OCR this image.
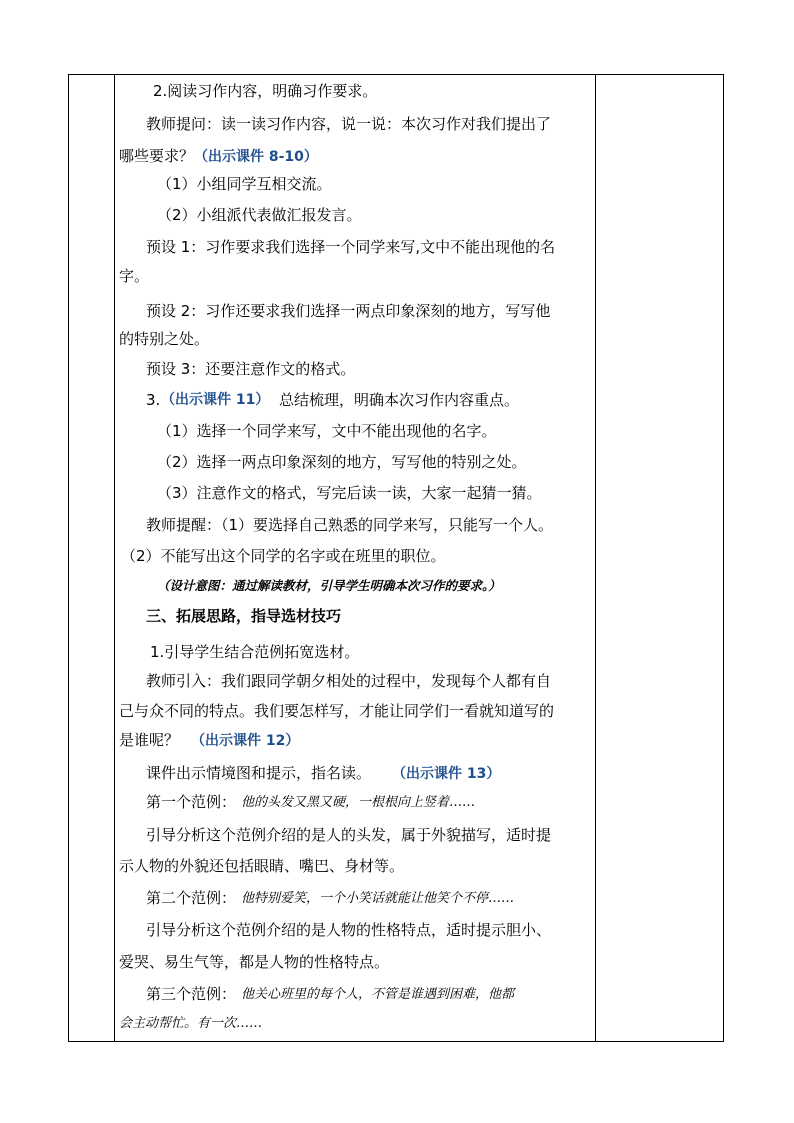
2.阅读习作内容，明确习作要求。
教师提问：读一读习作内容，说一说：本次习作对我们提出了
哪些要求？ （出示课件 8-10）
（1）小组同学互相交流。
（2）小组派代表做汇报发言。
预设 1：习作要求我们选择一个同学来写,文中不能出现他的名
字。
预设 2：习作还要求我们选择一两点印象深刻的地方，写写他
的特别之处。
预设 3：还要注意作文的格式。
3. （出示课件 11） 总结梳理，明确本次习作内容重点。
（1）选择一个同学来写，文中不能出现他的名字。
（2）选择一两点印象深刻的地方，写写他的特别之处。
（3）注意作文的格式，写完后读一读，大家一起猜一猜。
教师提醒：（1）要选择自己熟悉的同学来写，只能写一个人。
（2）不能写出这个同学的名字或在班里的职位。
（设计意图：通过解读教材，引导学生明确本次习作的要求。）
三、拓展思路，指导选材技巧
1.引导学生结合范例拓宽选材。
教师引入：我们跟同学朝夕相处的过程中，发现每个人都有自
己与众不同的特点。我们要怎样写，才能让同学们一看就知道写的
是谁呢？ （出示课件 12）
课件出示情境图和提示，指名读。 （出示课件 13）
第一个范例： 他的头发又黑又硬，一根根向上竖着……
引导分析这个范例介绍的是人的头发，属于外貌描写，适时提
示人物的外貌还包括眼睛、嘴巴、身材等。
第二个范例： 他特别爱笑，一个小笑话就能让他笑个不停……
引导分析这个范例介绍的是人物的性格特点，适时提示胆小、
爱哭、易生气等，都是人物的性格特点。
第三个范例： 他关心班里的每个人，不管是谁遇到困难，他都
会主动帮忙。有一次……
